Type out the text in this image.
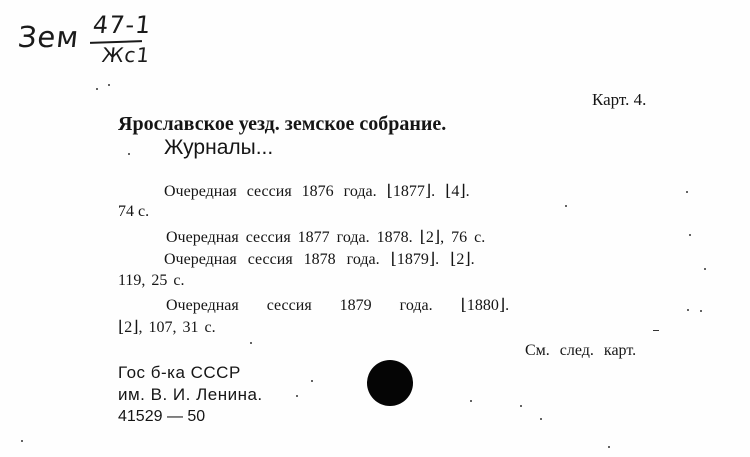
Зем 47-1
Жс1
Карт. 4.
Ярославское уезд. земское собрание.
Журналы...
Очередная сессия 1876 года. ⌊1877⌋. ⌊4⌋.
74 с.
Очередная сессия 1877 года. 1878. ⌊2⌋, 76 с.
Очередная сессия 1878 года. ⌊1879⌋. ⌊2⌋.
119, 25 с.
Очередная сессия 1879 года. ⌊1880⌋.
⌊2⌋, 107, 31 с.
См. след. карт.
Гос б-ка СССР
им. В. И. Ленина.
41529 — 50
